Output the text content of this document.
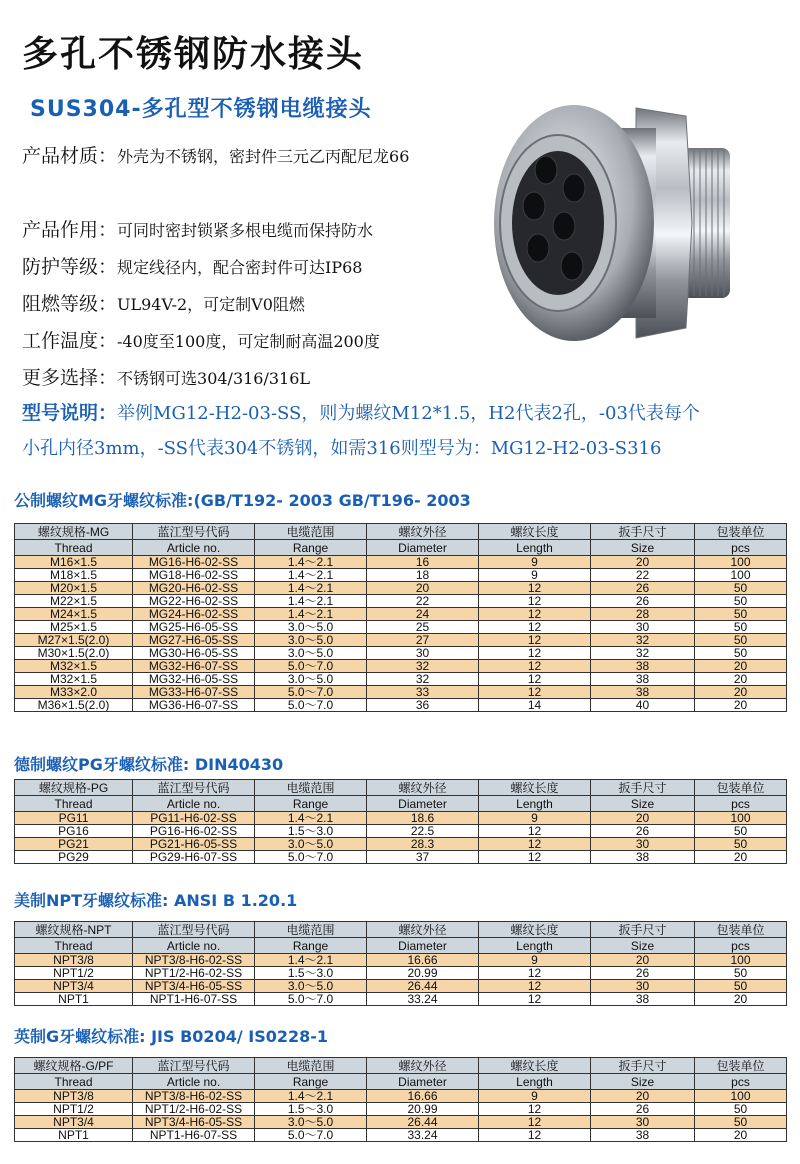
多孔不锈钢防水接头
SUS304-多孔型不锈钢电缆接头
产品材质：外壳为不锈钢，密封件三元乙丙配尼龙66
产品作用：可同时密封锁紧多根电缆而保持防水
防护等级：规定线径内，配合密封件可达IP68
阻燃等级：UL94V-2，可定制V0阻燃
工作温度：-40度至100度，可定制耐高温200度
更多选择：不锈钢可选304/316/316L
型号说明：举例MG12-H2-03-SS，则为螺纹M12*1.5，H2代表2孔，-03代表每个
小孔内径3mm，-SS代表304不锈钢，如需316则型号为：MG12-H2-03-S316
公制螺纹MG牙螺纹标准:(GB/T192- 2003 GB/T196- 2003
螺纹规格-MG	蓝江型号代码	电缆范围	螺纹外径	螺纹长度	扳手尺寸	包装单位
Thread	Article no.	Range	Diameter	Length	Size	pcs
M16×1.5	MG16-H6-02-SS	1.4～2.1	16	9	20	100
M18×1.5	MG18-H6-02-SS	1.4～2.1	18	9	22	100
M20×1.5	MG20-H6-02-SS	1.4～2.1	20	12	26	50
M22×1.5	MG22-H6-02-SS	1.4～2.1	22	12	26	50
M24×1.5	MG24-H6-02-SS	1.4～2.1	24	12	28	50
M25×1.5	MG25-H6-05-SS	3.0～5.0	25	12	30	50
M27×1.5(2.0)	MG27-H6-05-SS	3.0～5.0	27	12	32	50
M30×1.5(2.0)	MG30-H6-05-SS	3.0～5.0	30	12	32	50
M32×1.5	MG32-H6-07-SS	5.0～7.0	32	12	38	20
M32×1.5	MG32-H6-05-SS	3.0～5.0	32	12	38	20
M33×2.0	MG33-H6-07-SS	5.0～7.0	33	12	38	20
M36×1.5(2.0)	MG36-H6-07-SS	5.0～7.0	36	14	40	20
德制螺纹PG牙螺纹标准: DIN40430
螺纹规格-PG	蓝江型号代码	电缆范围	螺纹外径	螺纹长度	扳手尺寸	包装单位
Thread	Article no.	Range	Diameter	Length	Size	pcs
PG11	PG11-H6-02-SS	1.4～2.1	18.6	9	20	100
PG16	PG16-H6-02-SS	1.5～3.0	22.5	12	26	50
PG21	PG21-H6-05-SS	3.0～5.0	28.3	12	30	50
PG29	PG29-H6-07-SS	5.0～7.0	37	12	38	20
美制NPT牙螺纹标准: ANSI B 1.20.1
螺纹规格-NPT	蓝江型号代码	电缆范围	螺纹外径	螺纹长度	扳手尺寸	包装单位
Thread	Article no.	Range	Diameter	Length	Size	pcs
NPT3/8	NPT3/8-H6-02-SS	1.4～2.1	16.66	9	20	100
NPT1/2	NPT1/2-H6-02-SS	1.5～3.0	20.99	12	26	50
NPT3/4	NPT3/4-H6-05-SS	3.0～5.0	26.44	12	30	50
NPT1	NPT1-H6-07-SS	5.0～7.0	33.24	12	38	20
英制G牙螺纹标准: JIS B0204/ IS0228-1
螺纹规格-G/PF	蓝江型号代码	电缆范围	螺纹外径	螺纹长度	扳手尺寸	包装单位
Thread	Article no.	Range	Diameter	Length	Size	pcs
NPT3/8	NPT3/8-H6-02-SS	1.4～2.1	16.66	9	20	100
NPT1/2	NPT1/2-H6-02-SS	1.5～3.0	20.99	12	26	50
NPT3/4	NPT3/4-H6-05-SS	3.0～5.0	26.44	12	30	50
NPT1	NPT1-H6-07-SS	5.0～7.0	33.24	12	38	20
